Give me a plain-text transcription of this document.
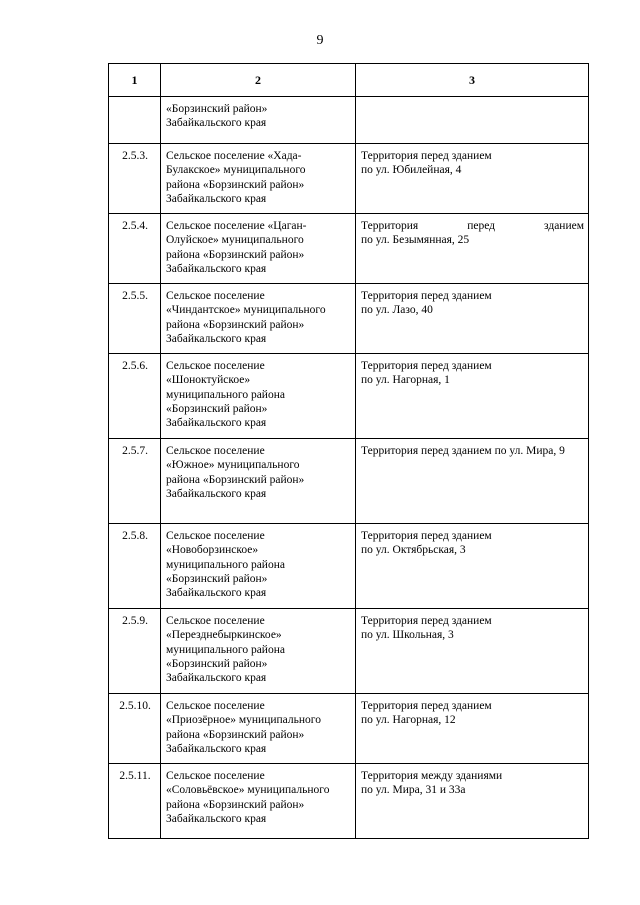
9
1	2	3

	«Борзинский район»
Забайкальского края	

2.5.3.	Сельское поселение «Хада-
Булакское» муниципального
района «Борзинский район»
Забайкальского края	Территория перед зданием
по ул. Юбилейная, 4

2.5.4.	Сельское поселение «Цаган-
Олуйское» муниципального
района «Борзинский район»
Забайкальского края	Территория перед зданием
по ул. Безымянная, 25

2.5.5.	Сельское поселение
«Чиндантское» муниципального
района «Борзинский район»
Забайкальского края	Территория перед зданием
по ул. Лазо, 40

2.5.6.	Сельское поселение
«Шоноктуйское»
муниципального района
«Борзинский район»
Забайкальского края	Территория перед зданием
по ул. Нагорная, 1

2.5.7.	Сельское поселение
«Южное» муниципального
района «Борзинский район»
Забайкальского края	Территория перед зданием по ул. Мира, 9

2.5.8.	Сельское поселение
«Новоборзинское»
муниципального района
«Борзинский район»
Забайкальского края	Территория перед зданием
по ул. Октябрьская, 3

2.5.9.	Сельское поселение
«Перезднебыркинское»
муниципального района
«Борзинский район»
Забайкальского края	Территория перед зданием
по ул. Школьная, 3

2.5.10.	Сельское поселение
«Приозёрное» муниципального
района «Борзинский район»
Забайкальского края	Территория перед зданием
по ул. Нагорная, 12

2.5.11.	Сельское поселение
«Соловьёвское» муниципального
района «Борзинский район»
Забайкальского края	Территория между зданиями
по ул. Мира, 31 и 33а
